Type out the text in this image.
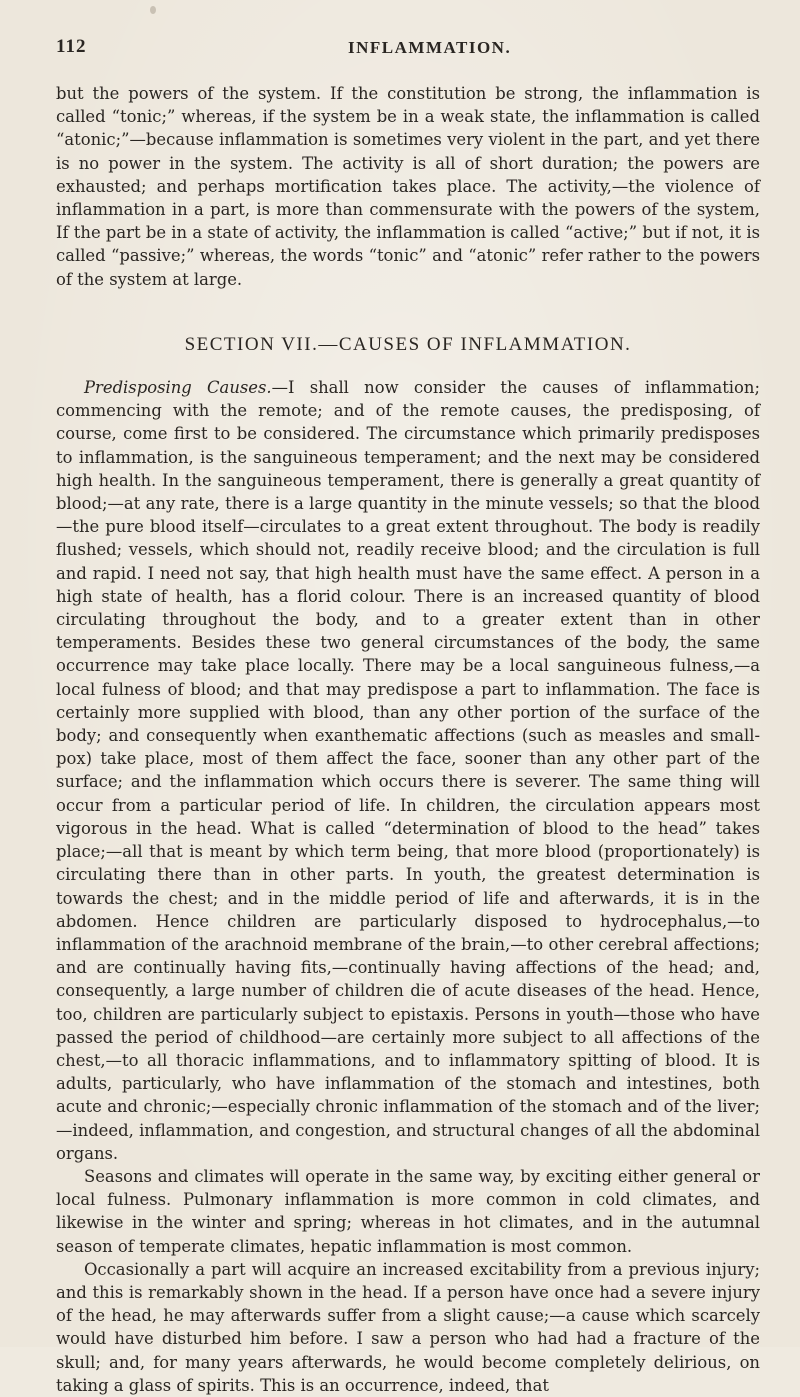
112	INFLAMMATION.

but the powers of the system. If the constitution be strong, the inflammation is called “tonic;” whereas, if the system be in a weak state, the inflammation is called “atonic;”—because inflammation is sometimes very violent in the part, and yet there is no power in the system. The activity is all of short duration; the powers are exhausted; and perhaps mortification takes place. The activity,—the violence of inflammation in a part, is more than commensurate with the powers of the system, If the part be in a state of activity, the inflammation is called “active;” but if not, it is called “passive;” whereas, the words “tonic” and “atonic” refer rather to the powers of the system at large.

SECTION VII.—CAUSES OF INFLAMMATION.

Predisposing Causes.—I shall now consider the causes of inflammation; commencing with the remote; and of the remote causes, the predisposing, of course, come first to be considered. The circumstance which primarily predisposes to inflammation, is the sanguineous temperament; and the next may be considered high health. In the sanguineous temperament, there is generally a great quantity of blood;—at any rate, there is a large quantity in the minute vessels; so that the blood—the pure blood itself—circulates to a great extent throughout. The body is readily flushed; vessels, which should not, readily receive blood; and the circulation is full and rapid. I need not say, that high health must have the same effect. A person in a high state of health, has a florid colour. There is an increased quantity of blood circulating throughout the body, and to a greater extent than in other temperaments. Besides these two general circumstances of the body, the same occurrence may take place locally. There may be a local sanguineous fulness,—a local fulness of blood; and that may predispose a part to inflammation. The face is certainly more supplied with blood, than any other portion of the surface of the body; and consequently when exanthematic affections (such as measles and small-pox) take place, most of them affect the face, sooner than any other part of the surface; and the inflammation which occurs there is severer. The same thing will occur from a particular period of life. In children, the circulation appears most vigorous in the head. What is called “determination of blood to the head” takes place;—all that is meant by which term being, that more blood (proportionately) is circulating there than in other parts. In youth, the greatest determination is towards the chest; and in the middle period of life and afterwards, it is in the abdomen. Hence children are particularly disposed to hydrocephalus,—to inflammation of the arachnoid membrane of the brain,—to other cerebral affections; and are continually having fits,—continually having affections of the head; and, consequently, a large number of children die of acute diseases of the head. Hence, too, children are particularly subject to epistaxis. Persons in youth—those who have passed the period of childhood—are certainly more subject to all affections of the chest,—to all thoracic inflammations, and to inflammatory spitting of blood. It is adults, particularly, who have inflammation of the stomach and intestines, both acute and chronic;—especially chronic inflammation of the stomach and of the liver;—indeed, inflammation, and congestion, and structural changes of all the abdominal organs.

Seasons and climates will operate in the same way, by exciting either general or local fulness. Pulmonary inflammation is more common in cold climates, and likewise in the winter and spring; whereas in hot climates, and in the autumnal season of temperate climates, hepatic inflammation is most common.

Occasionally a part will acquire an increased excitability from a previous injury; and this is remarkably shown in the head. If a person have once had a severe injury of the head, he may afterwards suffer from a slight cause;—a cause which scarcely would have disturbed him before. I saw a person who had had a fracture of the skull; and, for many years afterwards, he would become completely delirious, on taking a glass of spirits. This is an occurrence, indeed, that
